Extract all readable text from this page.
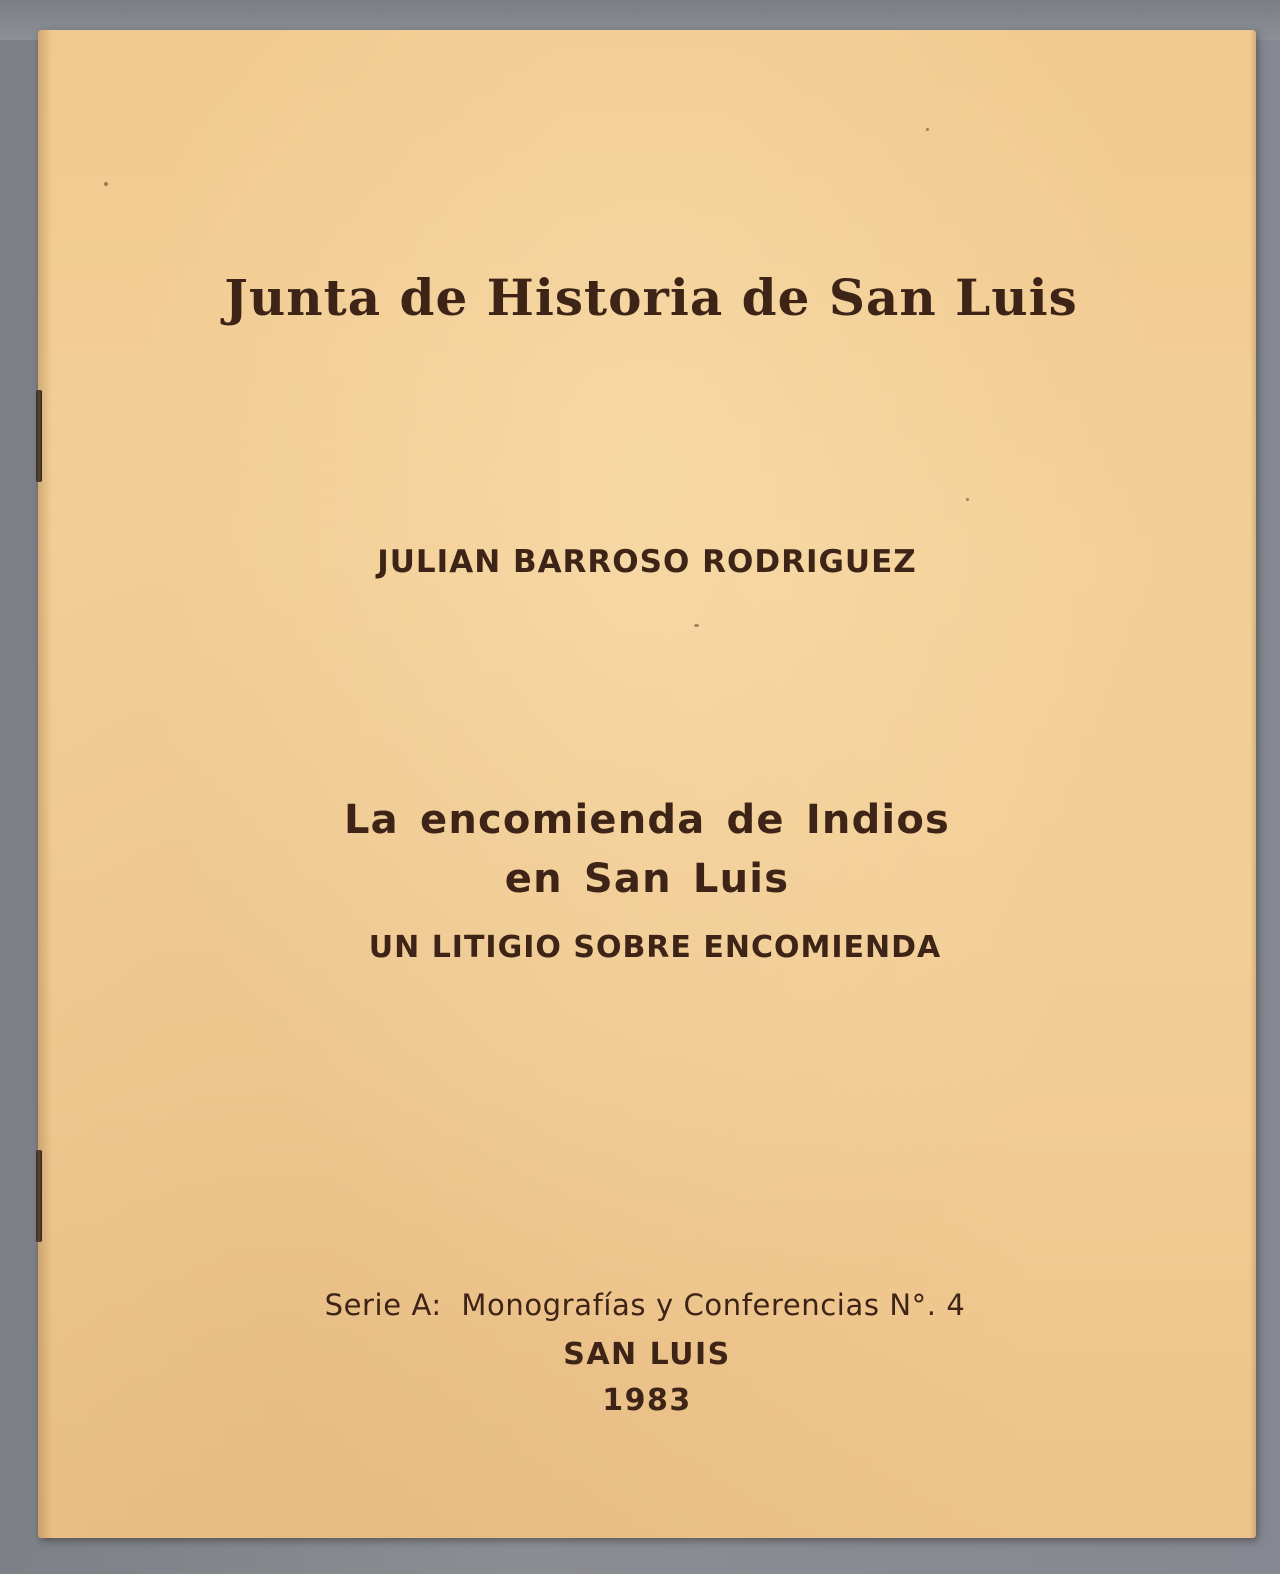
Junta de Historia de San Luis

JULIAN BARROSO RODRIGUEZ

La encomienda de Indios
en San Luis

UN LITIGIO SOBRE ENCOMIENDA

Serie A:  Monografías y Conferencias N°. 4

SAN LUIS

1983
